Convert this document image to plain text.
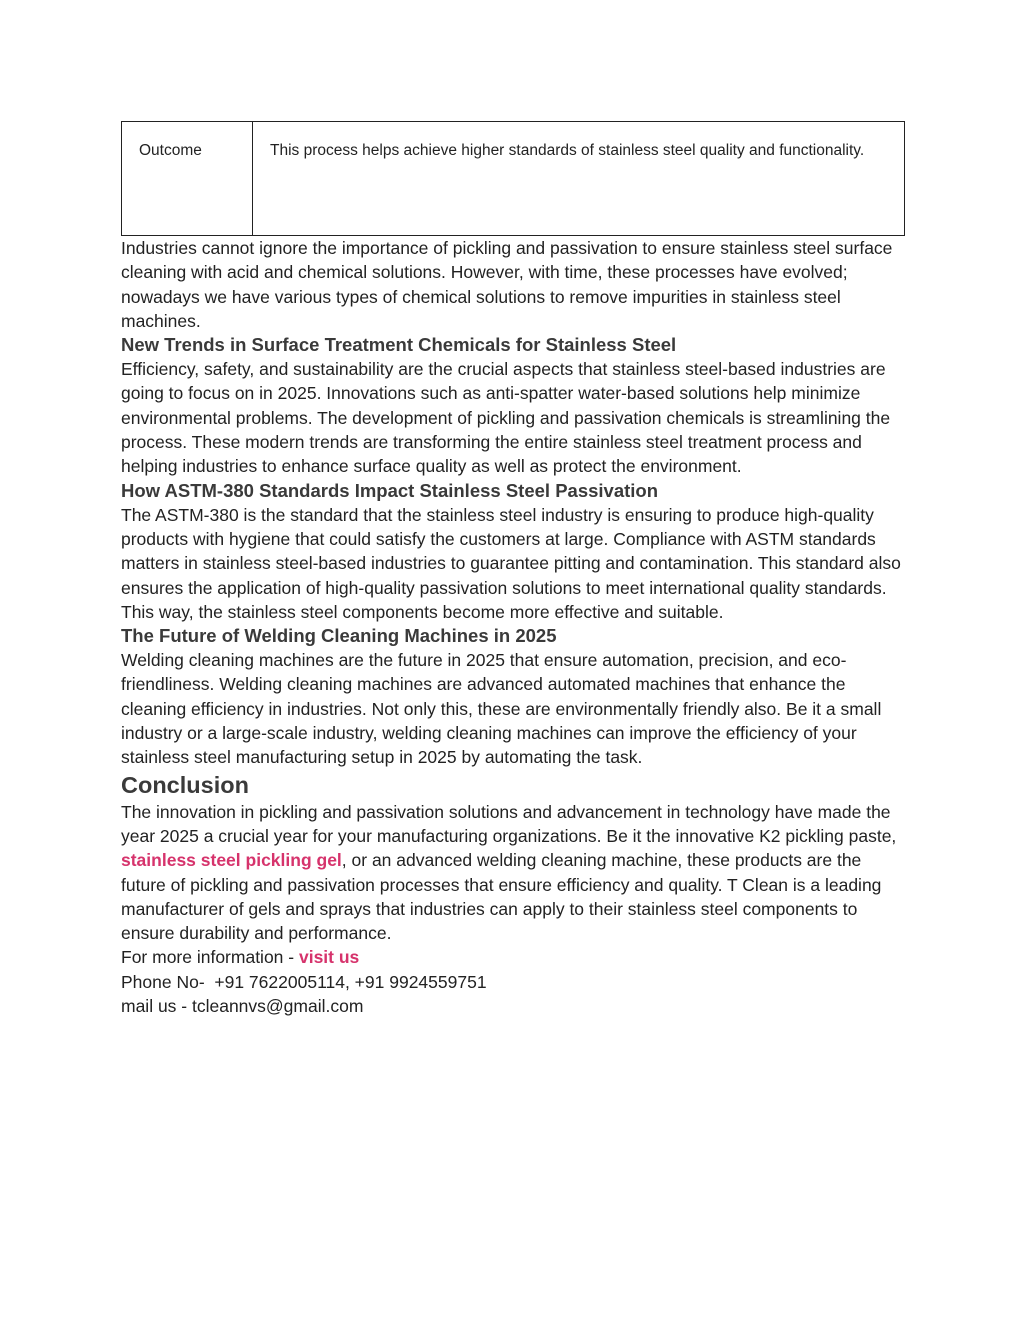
Outcome	This process helps achieve higher standards of stainless steel quality and functionality.

Industries cannot ignore the importance of pickling and passivation to ensure stainless steel surface cleaning with acid and chemical solutions. However, with time, these processes have evolved; nowadays we have various types of chemical solutions to remove impurities in stainless steel machines.

New Trends in Surface Treatment Chemicals for Stainless Steel

Efficiency, safety, and sustainability are the crucial aspects that stainless steel-based industries are going to focus on in 2025. Innovations such as anti-spatter water-based solutions help minimize environmental problems. The development of pickling and passivation chemicals is streamlining the process. These modern trends are transforming the entire stainless steel treatment process and helping industries to enhance surface quality as well as protect the environment.

How ASTM-380 Standards Impact Stainless Steel Passivation

The ASTM-380 is the standard that the stainless steel industry is ensuring to produce high-quality products with hygiene that could satisfy the customers at large. Compliance with ASTM standards matters in stainless steel-based industries to guarantee pitting and contamination. This standard also ensures the application of high-quality passivation solutions to meet international quality standards. This way, the stainless steel components become more effective and suitable.

The Future of Welding Cleaning Machines in 2025

Welding cleaning machines are the future in 2025 that ensure automation, precision, and eco-friendliness. Welding cleaning machines are advanced automated machines that enhance the cleaning efficiency in industries. Not only this, these are environmentally friendly also. Be it a small industry or a large-scale industry, welding cleaning machines can improve the efficiency of your stainless steel manufacturing setup in 2025 by automating the task.

Conclusion

The innovation in pickling and passivation solutions and advancement in technology have made the year 2025 a crucial year for your manufacturing organizations. Be it the innovative K2 pickling paste, stainless steel pickling gel, or an advanced welding cleaning machine, these products are the future of pickling and passivation processes that ensure efficiency and quality. T Clean is a leading manufacturer of gels and sprays that industries can apply to their stainless steel components to ensure durability and performance.

For more information - visit us

Phone No-  +91 7622005114, +91 9924559751

mail us - tcleannvs@gmail.com
